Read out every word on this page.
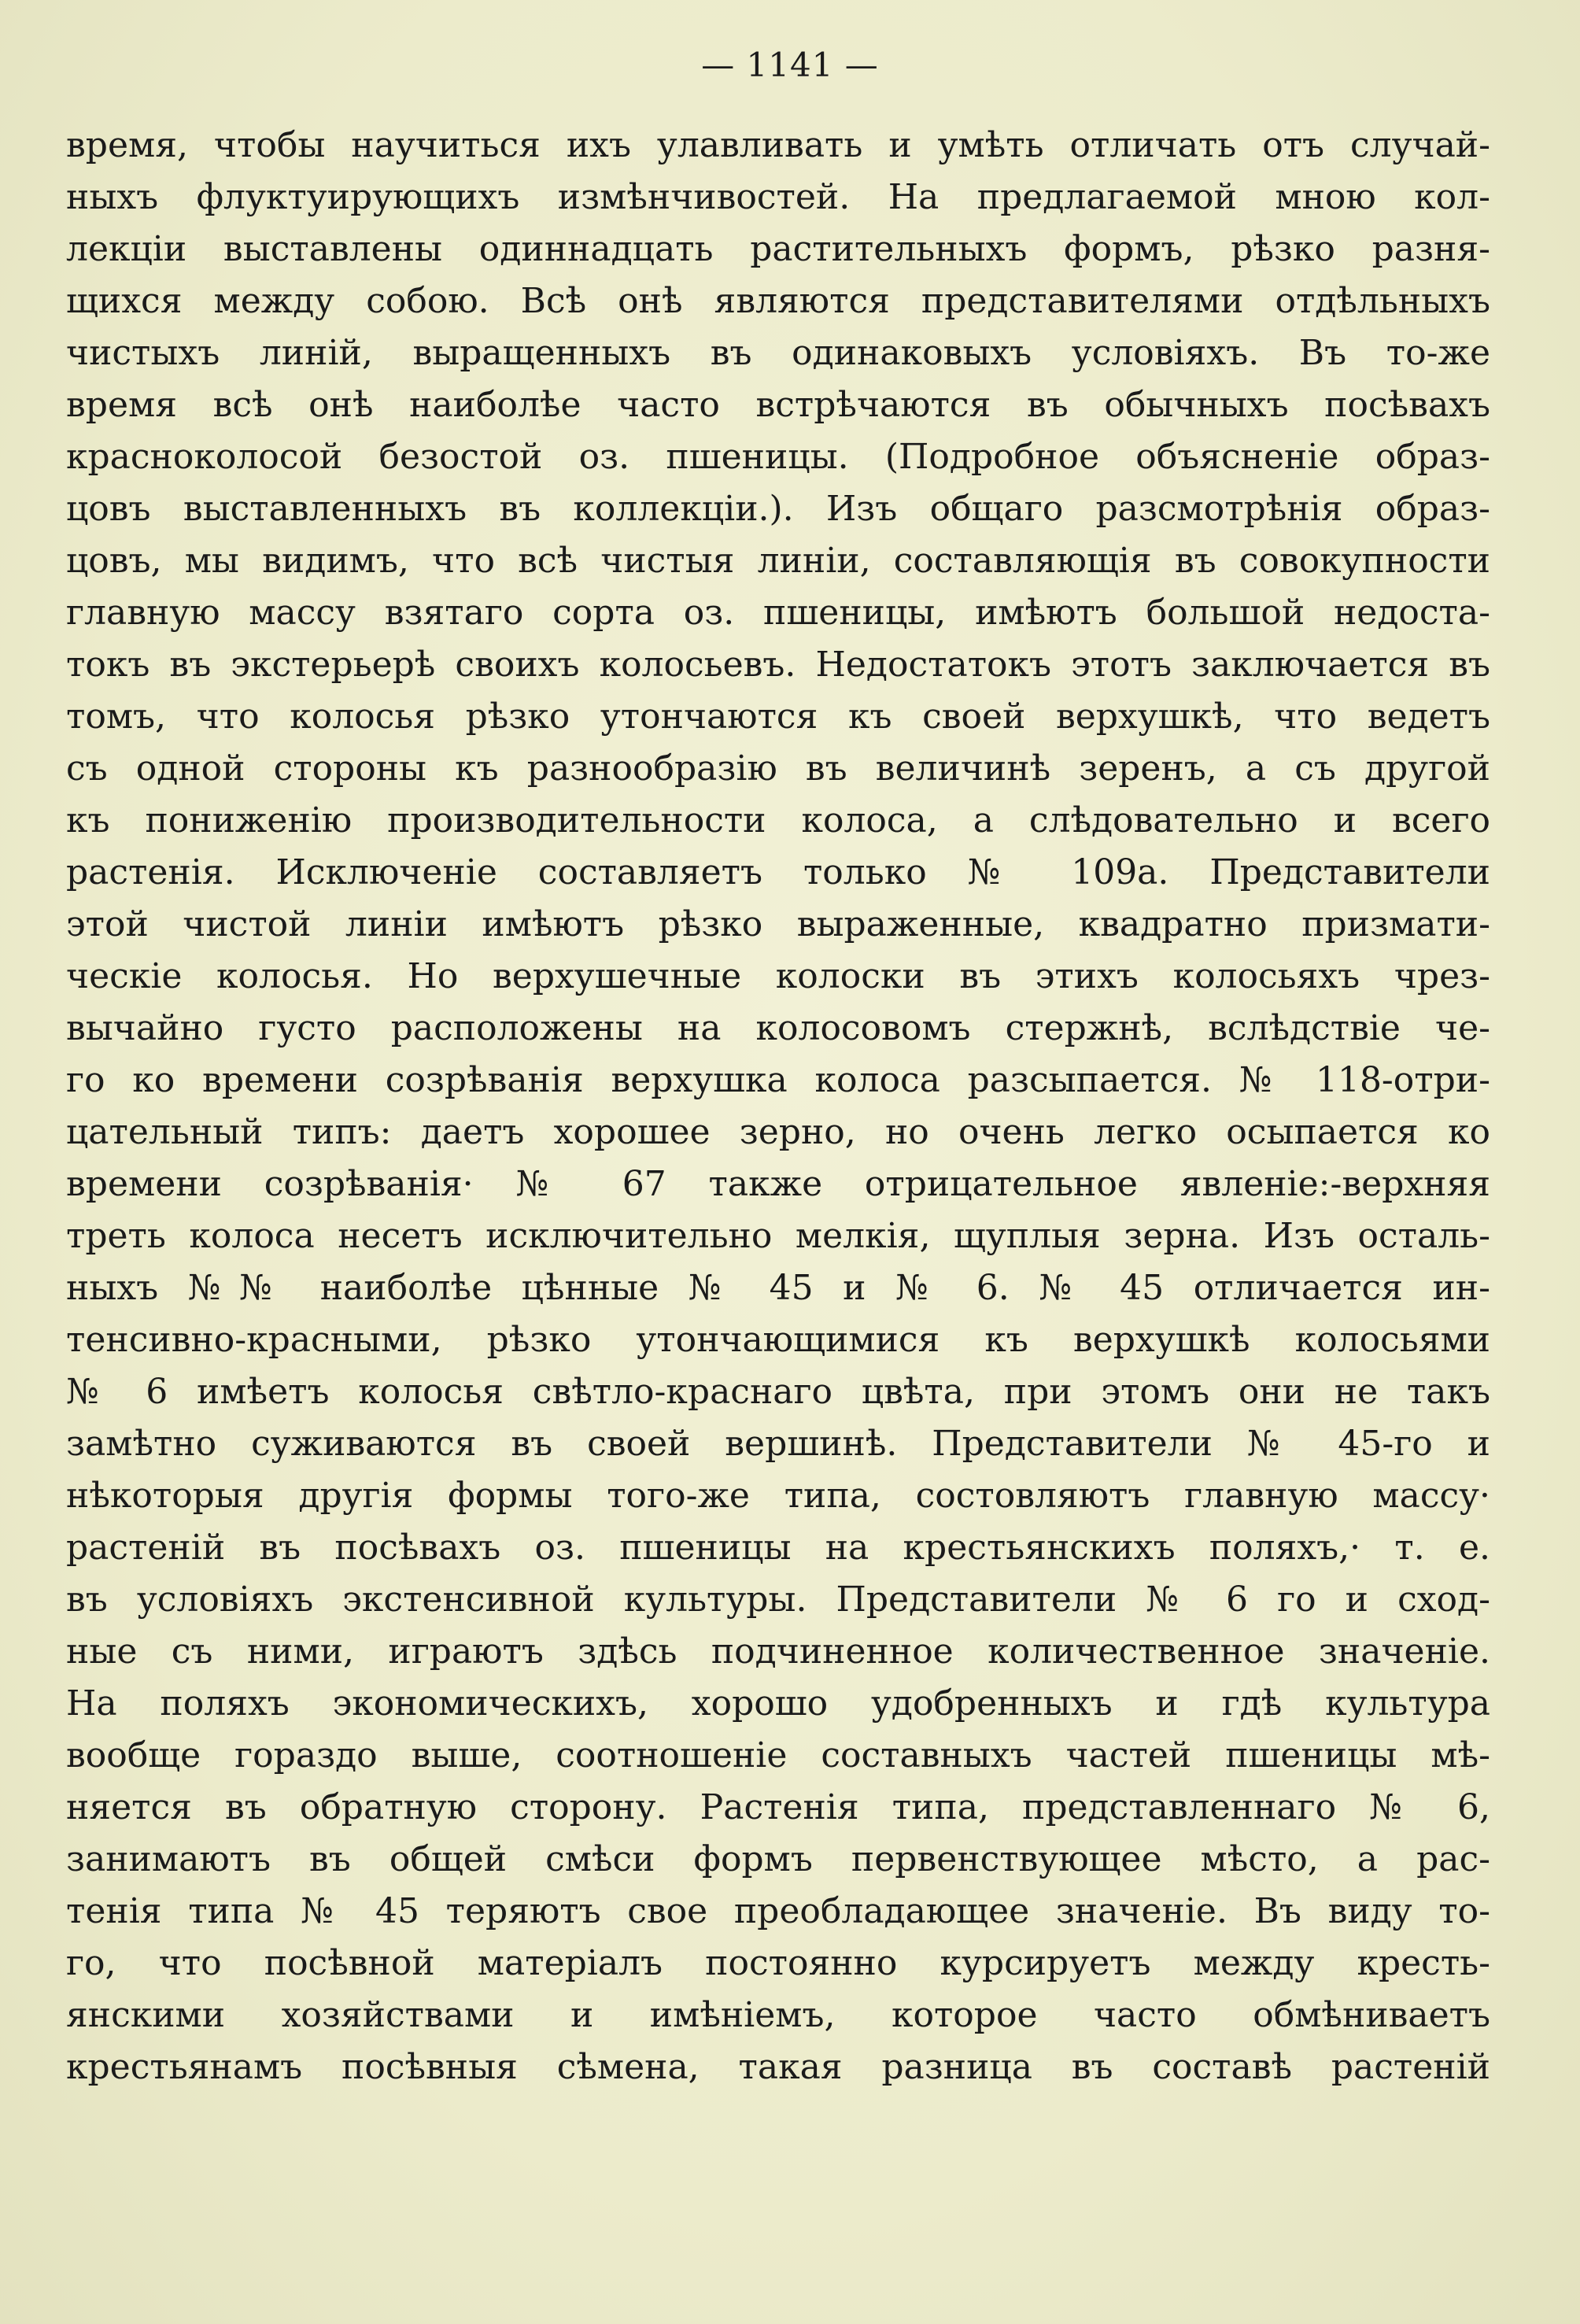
— 1141 —
время, чтобы научиться ихъ улавливать и умѣть отличать отъ случай-
ныхъ флуктуирующихъ измѣнчивостей. На предлагаемой мною кол-
лекціи выставлены одиннадцать растительныхъ формъ, рѣзко разня-
щихся между собою. Всѣ онѣ являются представителями отдѣльныхъ
чистыхъ линій, выращенныхъ въ одинаковыхъ условіяхъ. Въ то-же
время всѣ онѣ наиболѣе часто встрѣчаются въ обычныхъ посѣвахъ
краснoколосой безостой оз. пшеницы. (Подробное объясненіе образ-
цовъ выставленныхъ въ коллекціи.). Изъ общаго разсмотрѣнія образ-
цовъ, мы видимъ, что всѣ чистыя линіи, составляющія въ совокупности
главную массу взятаго сорта оз. пшеницы, имѣютъ большой недоста-
токъ въ экстерьерѣ своихъ колосьевъ. Недостатокъ этотъ заключается въ
томъ, что колосья рѣзко утончаются къ своей верхушкѣ, что ведетъ
съ одной стороны къ разнообразію въ величинѣ зеренъ, а съ другой
къ пониженію производительности колоса, а слѣдовательно и всего
растенія. Исключеніе составляетъ только № 109а. Представители
этой чистой линіи имѣютъ рѣзко выраженные, квадратно призмати-
ческіе колосья. Но верхушечные колоски въ этихъ колосьяхъ чрез-
вычайно густо расположены на колосовомъ стержнѣ, вслѣдствіе че-
го ко времени созрѣванія верхушка колоса разсыпается. № 118-отри-
цательный типъ: даетъ хорошее зерно, но очень легко осыпается ко
времени созрѣванія· № 67 также отрицательное явленіе:-верхняя
треть колоса несетъ исключительно мелкія, щуплыя зерна. Изъ осталь-
ныхъ №№ наиболѣе цѣнные № 45 и № 6. № 45 отличается ин-
тенсивно-красными, рѣзко утончающимися къ верхушкѣ колосьями
№ 6 имѣетъ колосья свѣтло-краснаго цвѣта, при этомъ они не такъ
замѣтно суживаются въ своей вершинѣ. Представители № 45-го и
нѣкоторыя другія формы того-же типа, состовляютъ главную массу·
растеній въ посѣвахъ оз. пшеницы на крестьянскихъ поляхъ,· т. е.
въ условіяхъ экстенсивной культуры. Представители № 6 го и сход-
ные съ ними, играютъ здѣсь подчиненное количественное значеніе.
На поляхъ экономическихъ, хорошо удобренныхъ и гдѣ культура
вообще гораздо выше, соотношеніе составныхъ частей пшеницы мѣ-
няется въ обратную сторону. Растенія типа, представленнаго № 6,
занимаютъ въ общей смѣси формъ первенствующее мѣсто, а рас-
тенія типа № 45 теряютъ свое преобладающее значеніе. Въ виду то-
го, что посѣвной матеріалъ постоянно курсируетъ между кресть-
янскими хозяйствами и имѣніемъ, которое часто обмѣниваетъ
крестьянамъ посѣвныя сѣмена, такая разница въ составѣ растеній
